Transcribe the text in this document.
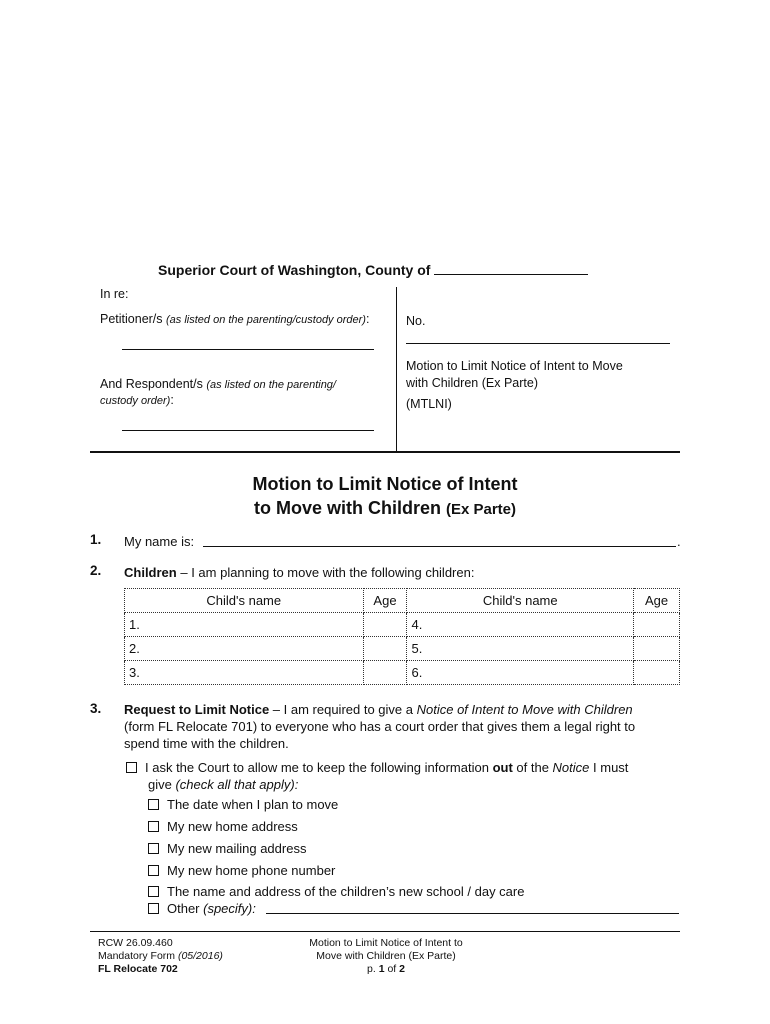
Superior Court of Washington, County of
In re:
Petitioner/s (as listed on the parenting/custody order):
And Respondent/s (as listed on the parenting/
custody order):
No.
Motion to Limit Notice of Intent to Move
with Children (Ex Parte)
(MTLNI)
Motion to Limit Notice of Intent
to Move with Children (Ex Parte)
1. My name is:	.
2. Children – I am planning to move with the following children:
Child's name	Age	Child's name	Age
1.		4.	
2.		5.	
3.		6.	
3. Request to Limit Notice – I am required to give a Notice of Intent to Move with Children
(form FL Relocate 701) to everyone who has a court order that gives them a legal right to
spend time with the children.
I ask the Court to allow me to keep the following information out of the Notice I must
give (check all that apply):
The date when I plan to move
My new home address
My new mailing address
My new home phone number
The name and address of the children’s new school / day care
Other (specify):
RCW 26.09.460
Mandatory Form (05/2016)
FL Relocate 702
Motion to Limit Notice of Intent to
Move with Children (Ex Parte)
p. 1 of 2
